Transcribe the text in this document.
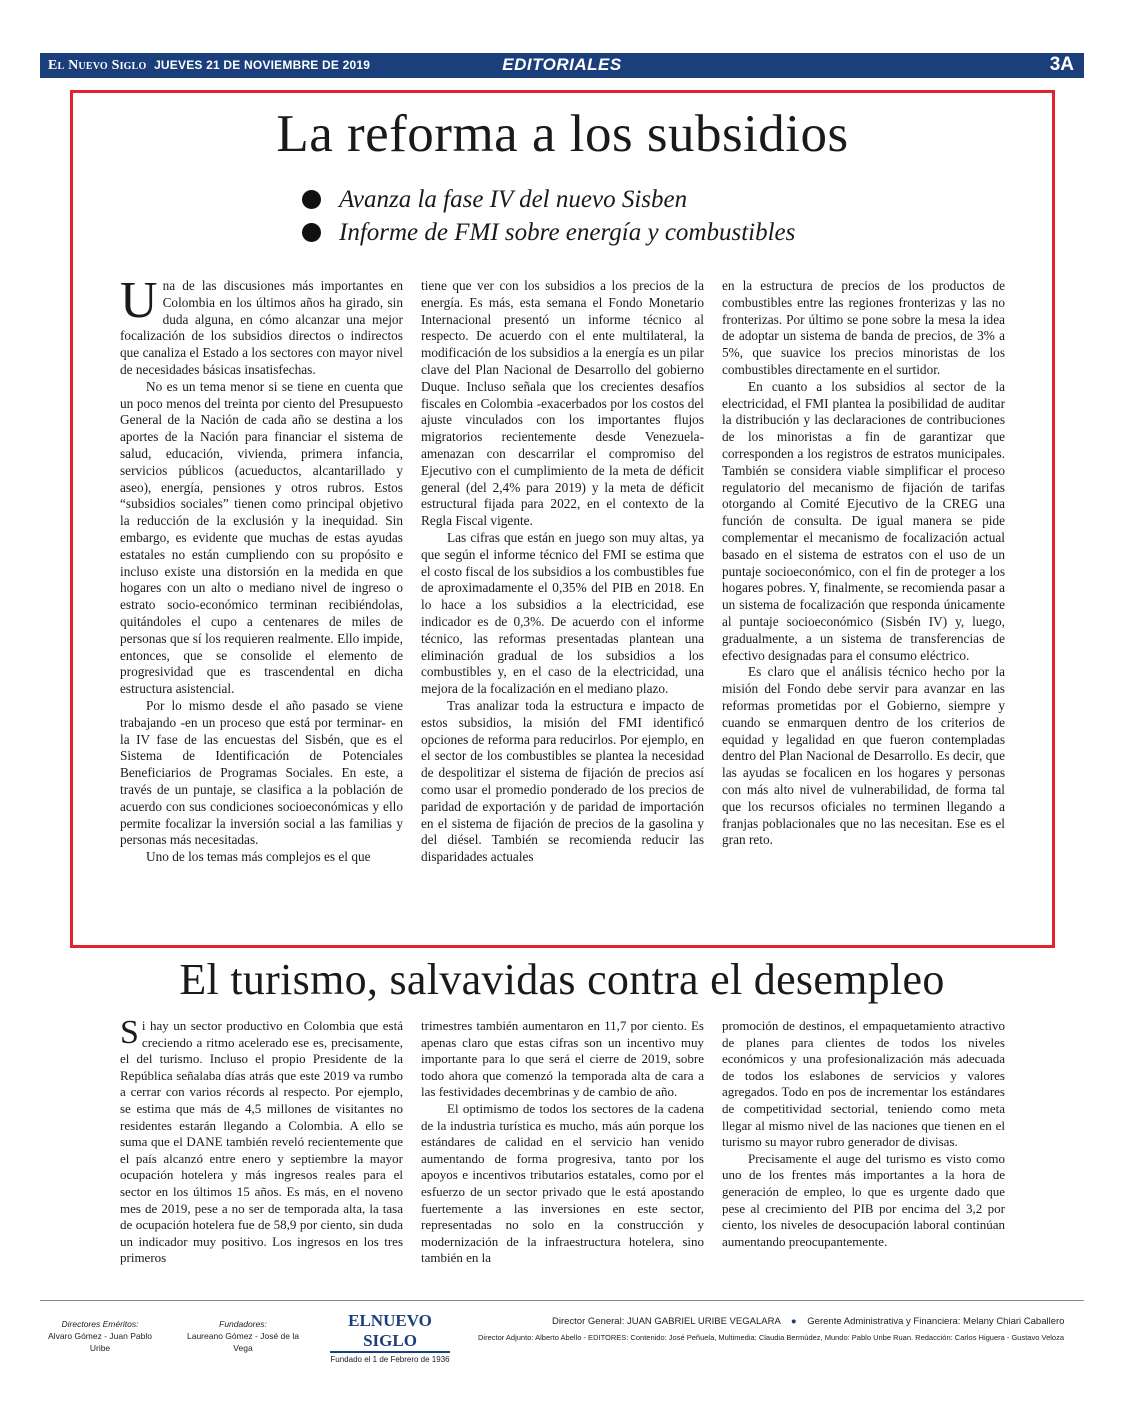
El Nuevo Siglo JUEVES 21 DE NOVIEMBRE DE 2019	EDITORIALES	3A
La reforma a los subsidios
Avanza la fase IV del nuevo Sisben
Informe de FMI sobre energía y combustibles

Una de las discusiones más importantes en Colombia en los últimos años ha girado, sin duda alguna, en cómo alcanzar una mejor focalización de los subsidios directos o indirectos que canaliza el Estado a los sectores con mayor nivel de necesidades básicas insatisfechas.

No es un tema menor si se tiene en cuenta que un poco menos del treinta por ciento del Presupuesto General de la Nación de cada año se destina a los aportes de la Nación para financiar el sistema de salud, educación, vivienda, primera infancia, servicios públicos (acueductos, alcantarillado y aseo), energía, pensiones y otros rubros. Estos “subsidios sociales” tienen como principal objetivo la reducción de la exclusión y la inequidad. Sin embargo, es evidente que muchas de estas ayudas estatales no están cumpliendo con su propósito e incluso existe una distorsión en la medida en que hogares con un alto o mediano nivel de ingreso o estrato socio-económico terminan recibiéndolas, quitándoles el cupo a centenares de miles de personas que sí los requieren realmente. Ello impide, entonces, que se consolide el elemento de progresividad que es trascendental en dicha estructura asistencial.

Por lo mismo desde el año pasado se viene trabajando -en un proceso que está por terminar- en la IV fase de las encuestas del Sisbén, que es el Sistema de Identificación de Potenciales Beneficiarios de Programas Sociales. En este, a través de un puntaje, se clasifica a la población de acuerdo con sus condiciones socioeconómicas y ello permite focalizar la inversión social a las familias y personas más necesitadas.

Uno de los temas más complejos es el que

tiene que ver con los subsidios a los precios de la energía. Es más, esta semana el Fondo Monetario Internacional presentó un informe técnico al respecto. De acuerdo con el ente multilateral, la modificación de los subsidios a la energía es un pilar clave del Plan Nacional de Desarrollo del gobierno Duque. Incluso señala que los crecientes desafíos fiscales en Colombia -exacerbados por los costos del ajuste vinculados con los importantes flujos migratorios recientemente desde Venezuela- amenazan con descarrilar el compromiso del Ejecutivo con el cumplimiento de la meta de déficit general (del 2,4% para 2019) y la meta de déficit estructural fijada para 2022, en el contexto de la Regla Fiscal vigente.

Las cifras que están en juego son muy altas, ya que según el informe técnico del FMI se estima que el costo fiscal de los subsidios a los combustibles fue de aproximadamente el 0,35% del PIB en 2018. En lo hace a los subsidios a la electricidad, ese indicador es de 0,3%. De acuerdo con el informe técnico, las reformas presentadas plantean una eliminación gradual de los subsidios a los combustibles y, en el caso de la electricidad, una mejora de la focalización en el mediano plazo.

Tras analizar toda la estructura e impacto de estos subsidios, la misión del FMI identificó opciones de reforma para reducirlos. Por ejemplo, en el sector de los combustibles se plantea la necesidad de despolitizar el sistema de fijación de precios así como usar el promedio ponderado de los precios de paridad de exportación y de paridad de importación en el sistema de fijación de precios de la gasolina y del diésel. También se recomienda reducir las disparidades actuales

en la estructura de precios de los productos de combustibles entre las regiones fronterizas y las no fronterizas. Por último se pone sobre la mesa la idea de adoptar un sistema de banda de precios, de 3% a 5%, que suavice los precios minoristas de los combustibles directamente en el surtidor.

En cuanto a los subsidios al sector de la electricidad, el FMI plantea la posibilidad de auditar la distribución y las declaraciones de contribuciones de los minoristas a fin de garantizar que corresponden a los registros de estratos municipales. También se considera viable simplificar el proceso regulatorio del mecanismo de fijación de tarifas otorgando al Comité Ejecutivo de la CREG una función de consulta. De igual manera se pide complementar el mecanismo de focalización actual basado en el sistema de estratos con el uso de un puntaje socioeconómico, con el fin de proteger a los hogares pobres. Y, finalmente, se recomienda pasar a un sistema de focalización que responda únicamente al puntaje socioeconómico (Sisbén IV) y, luego, gradualmente, a un sistema de transferencias de efectivo designadas para el consumo eléctrico.

Es claro que el análisis técnico hecho por la misión del Fondo debe servir para avanzar en las reformas prometidas por el Gobierno, siempre y cuando se enmarquen dentro de los criterios de equidad y legalidad en que fueron contempladas dentro del Plan Nacional de Desarrollo. Es decir, que las ayudas se focalicen en los hogares y personas con más alto nivel de vulnerabilidad, de forma tal que los recursos oficiales no terminen llegando a franjas poblacionales que no las necesitan. Ese es el gran reto.

El turismo, salvavidas contra el desempleo

Si hay un sector productivo en Colombia que está creciendo a ritmo acelerado ese es, precisamente, el del turismo. Incluso el propio Presidente de la República señalaba días atrás que este 2019 va rumbo a cerrar con varios récords al respecto. Por ejemplo, se estima que más de 4,5 millones de visitantes no residentes estarán llegando a Colombia. A ello se suma que el DANE también reveló recientemente que el país alcanzó entre enero y septiembre la mayor ocupación hotelera y más ingresos reales para el sector en los últimos 15 años. Es más, en el noveno mes de 2019, pese a no ser de temporada alta, la tasa de ocupación hotelera fue de 58,9 por ciento, sin duda un indicador muy positivo. Los ingresos en los tres primeros

trimestres también aumentaron en 11,7 por ciento. Es apenas claro que estas cifras son un incentivo muy importante para lo que será el cierre de 2019, sobre todo ahora que comenzó la temporada alta de cara a las festividades decembrinas y de cambio de año.

El optimismo de todos los sectores de la cadena de la industria turística es mucho, más aún porque los estándares de calidad en el servicio han venido aumentando de forma progresiva, tanto por los apoyos e incentivos tributarios estatales, como por el esfuerzo de un sector privado que le está apostando fuertemente a las inversiones en este sector, representadas no solo en la construcción y modernización de la infraestructura hotelera, sino también en la

promoción de destinos, el empaquetamiento atractivo de planes para clientes de todos los niveles económicos y una profesionalización más adecuada de todos los eslabones de servicios y valores agregados. Todo en pos de incrementar los estándares de competitividad sectorial, teniendo como meta llegar al mismo nivel de las naciones que tienen en el turismo su mayor rubro generador de divisas.

Precisamente el auge del turismo es visto como uno de los frentes más importantes a la hora de generación de empleo, lo que es urgente dado que pese al crecimiento del PIB por encima del 3,2 por ciento, los niveles de desocupación laboral continúan aumentando preocupantemente.

Directores Eméritos:
Alvaro Gómez - Juan Pablo Uribe
Fundadores:
Laureano Gómez - José de la Vega
ELNUEVO SIGLO
Fundado el 1 de Febrero de 1936
Director General: JUAN GABRIEL URIBE VEGALARA ● Gerente Administrativa y Financiera: Melany Chiari Caballero
Director Adjunto: Alberto Abello - EDITORES: Contenido: José Peñuela, Multimedia: Claudia Bermúdez, Mundo: Pablo Uribe Ruan. Redacción: Carlos Higuera - Gustavo Veloza
